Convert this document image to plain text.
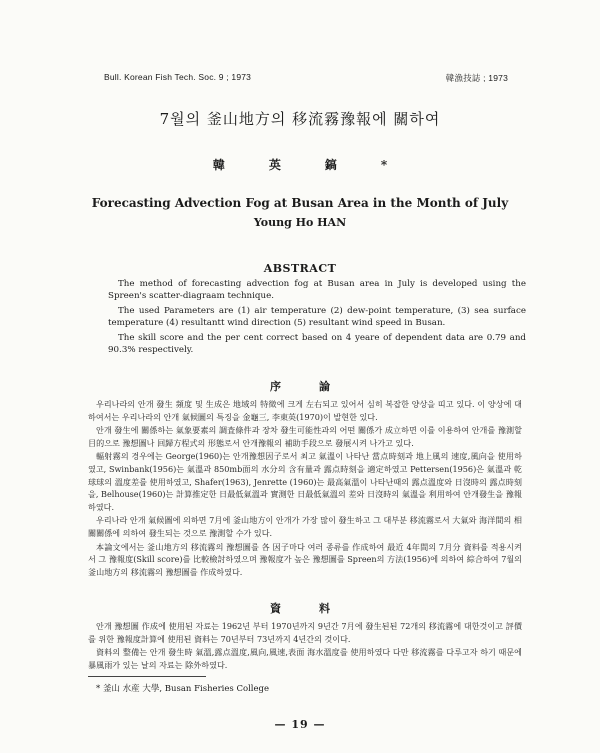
Bull. Korean Fish Tech. Soc. 9 ; 1973	韓漁技誌 ; 1973
7월의 釜山地方의 移流霧豫報에 關하여
韓英鎬*
Forecasting Advection Fog at Busan Area in the Month of July
Young Ho HAN
ABSTRACT

The method of forecasting advection fog at Busan area in July is developed using the Spreen's scatter-diagraam technique.

The used Parameters are (1) air temperature (2) dew-point temperature, (3) sea surface temperature (4) resultantt wind direction (5) resultant wind speed in Busan.

The skill score and the per cent correct based on 4 yeare of dependent data are 0.79 and 90.3% respectively.

序論

우리나라의 안개 發生 頻度 및 生成은 地域의 特徵에 크게 左右되고 있어서 심히 복잡한 양상을 띠고 있다. 이 양상에 대하여서는 우리나라의 안개 氣候圖의 특징을 金龜三, 李東英(1970)이 발현한 있다.

안개 發生에 關係하는 氣象要素의 調査條件과 장차 發生可能性과의 어떤 關係가 成立하면 이를 이용하여 안개를 豫測할 目的으로 豫想圖나 回歸方程式의 形態로서 안개豫報의 補助手段으로 發展시켜 나가고 있다.

輻射霧의 경우에는 George(1960)는 안개豫想因子로서 최고 氣溫이 나타난 當点時刻과 地上風의 速度,風向을 使用하였고, Swinbank(1956)는 氣溫과 850mb面의 水分의 含有量과 露点時刻을 適定하였고 Pettersen(1956)은 氣溫과 乾球球의 溫度差를 使用하였고, Shafer(1963), Jenrette (1960)는 最高氣溫이 나타난때의 露点溫度와 日沒時의 露点時刻을, Belhouse(1960)는 計算推定한 日最低氣溫과 實測한 日最低氣溫의 差와 日沒時의 氣溫을 利用하여 안개發生을 豫報하였다.

우리나라 안개 氣候圖에 의하면 7月에 釜山地方이 안개가 가장 많이 發生하고 그 대부분 移流霧로서 大氣와 海洋間의 相關關係에 의하여 發生되는 것으로 豫測할 수가 있다.

本論文에서는 釜山地方의 移流霧의 豫想圖를 各 因子마다 여러 종류를 作成하여 最近 4年間의 7月分 資料를 적용시켜서 그 豫報度(Skill score)를 比較檢討하였으며 豫報度가 높은 豫想圖를 Spreen의 方法(1956)에 의하여 綜合하여 7월의 釜山地方의 移流霧의 豫想圖를 作成하였다.

資料

안개 豫想圖 作成에 使用된 자료는 1962년 부터 1970년까지 9년간 7月에 發生된된 72개의 移流霧에 대한것이고 評價를 위한 豫報度計算에 使用된 資料는 70년부터 73년까지 4년간의 것이다.

資料의 整備는 안개 發生時 氣溫,露点溫度,風向,風速,表面 海水溫度를 使用하였다 다만 移流霧를 다루고자 하기 때문에 暴風雨가 있는 날의 자료는 除外하였다.

* 釜山 水産 大學, Busan Fisheries College
— 19 —
